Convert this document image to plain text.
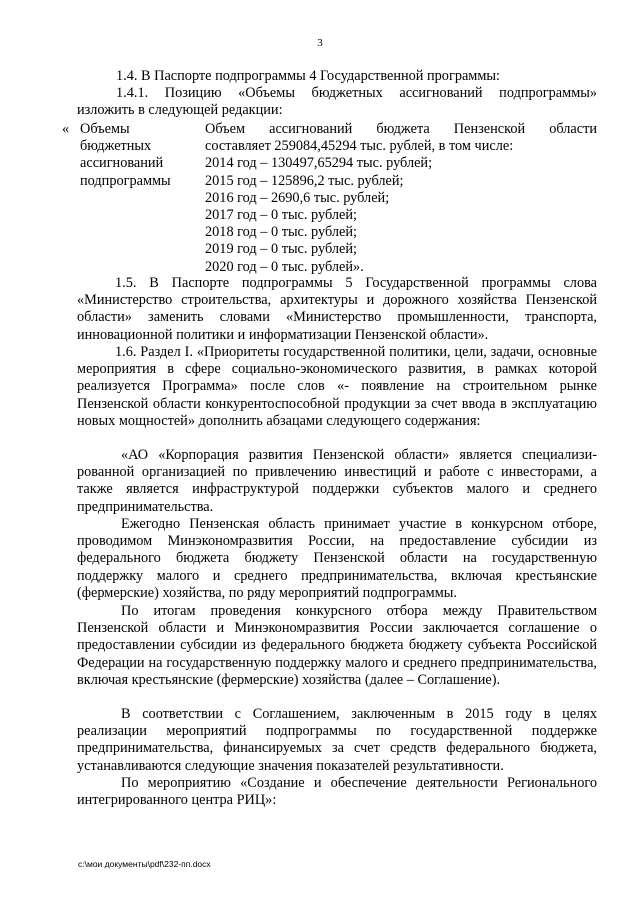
3

1.4. В Паспорте подпрограммы 4 Государственной программы:

1.4.1. Позицию «Объемы бюджетных ассигнований подпрограммы»

изложить в следующей редакции:

« Объемы
бюджетных
ассигнований
подпрограммы
Объем ассигнований бюджета Пензенской области
составляет 259084,45294 тыс. рублей, в том числе:
2014 год – 130497,65294 тыс. рублей;
2015 год – 125896,2 тыс. рублей;
2016 год – 2690,6 тыс. рублей;
2017 год – 0 тыс. рублей;
2018 год – 0 тыс. рублей;
2019 год – 0 тыс. рублей;
2020 год – 0 тыс. рублей».

1.5. В Паспорте подпрограммы 5 Государственной программы слова «Министерство строительства, архитектуры и дорожного хозяйства Пензенской области» заменить словами «Министерство промышленности, транспорта, инновационной политики и информатизации Пензенской области».

1.6. Раздел I. «Приоритеты государственной политики, цели, задачи, основные мероприятия в сфере социально-экономического развития, в рамках которой реализуется Программа» после слов «- появление на строительном рынке Пензенской области конкурентоспособной продукции за счет ввода в эксплуатацию новых мощностей» дополнить абзацами следующего содержания:

«АО «Корпорация развития Пензенской области» является специализи-рованной организацией по привлечению инвестиций и работе с инвесторами, а также является инфраструктурой поддержки субъектов малого и среднего предпринимательства.

Ежегодно Пензенская область принимает участие в конкурсном отборе, проводимом Минэкономразвития России, на предоставление субсидии из федерального бюджета бюджету Пензенской области на государственную поддержку малого и среднего предпринимательства, включая крестьянские (фермерские) хозяйства, по ряду мероприятий подпрограммы.

По итогам проведения конкурсного отбора между Правительством Пензенской области и Минэкономразвития России заключается соглашение о предоставлении субсидии из федерального бюджета бюджету субъекта Российской Федерации на государственную поддержку малого и среднего предпринимательства, включая крестьянские (фермерские) хозяйства (далее – Соглашение).

В соответствии с Соглашением, заключенным в 2015 году в целях реализации мероприятий подпрограммы по государственной поддержке предпринимательства, финансируемых за счет средств федерального бюджета, устанавливаются следующие значения показателей результативности.

По мероприятию «Создание и обеспечение деятельности Регионального интегрированного центра РИЦ»:

c:\мои документы\pdf\232-пп.docx
